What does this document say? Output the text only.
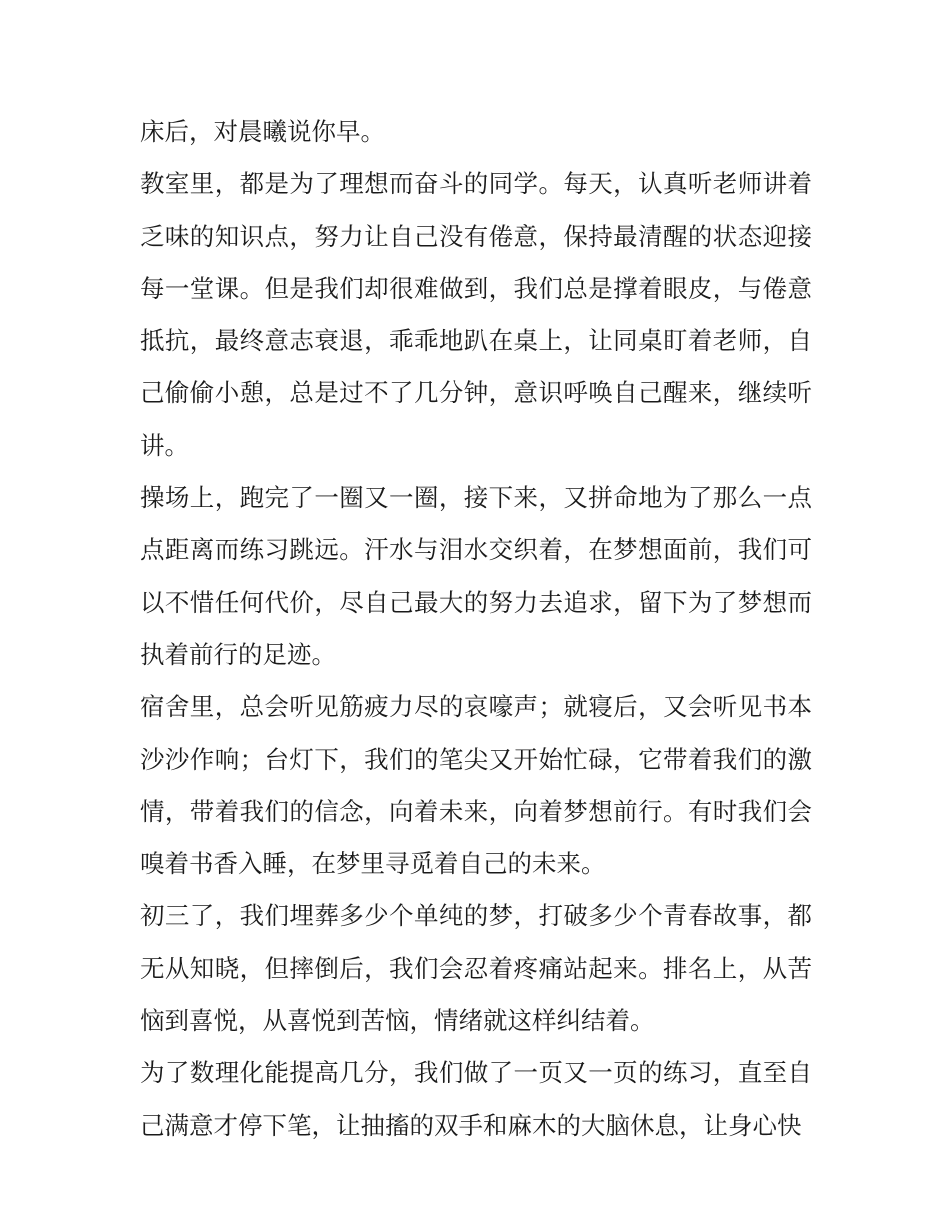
床后，对晨曦说你早。

教室里，都是为了理想而奋斗的同学。每天，认真听老师讲着乏味的知识点，努力让自己没有倦意，保持最清醒的状态迎接每一堂课。但是我们却很难做到，我们总是撑着眼皮，与倦意抵抗，最终意志衰退，乖乖地趴在桌上，让同桌盯着老师，自己偷偷小憩，总是过不了几分钟，意识呼唤自己醒来，继续听讲。

操场上，跑完了一圈又一圈，接下来，又拼命地为了那么一点点距离而练习跳远。汗水与泪水交织着，在梦想面前，我们可以不惜任何代价，尽自己最大的努力去追求，留下为了梦想而执着前行的足迹。

宿舍里，总会听见筋疲力尽的哀嚎声；就寝后，又会听见书本沙沙作响；台灯下，我们的笔尖又开始忙碌，它带着我们的激情，带着我们的信念，向着未来，向着梦想前行。有时我们会嗅着书香入睡，在梦里寻觅着自己的未来。

初三了，我们埋葬多少个单纯的梦，打破多少个青春故事，都无从知晓，但摔倒后，我们会忍着疼痛站起来。排名上，从苦恼到喜悦，从喜悦到苦恼，情绪就这样纠结着。

为了数理化能提高几分，我们做了一页又一页的练习，直至自己满意才停下笔，让抽搐的双手和麻木的大脑休息，让身心快
